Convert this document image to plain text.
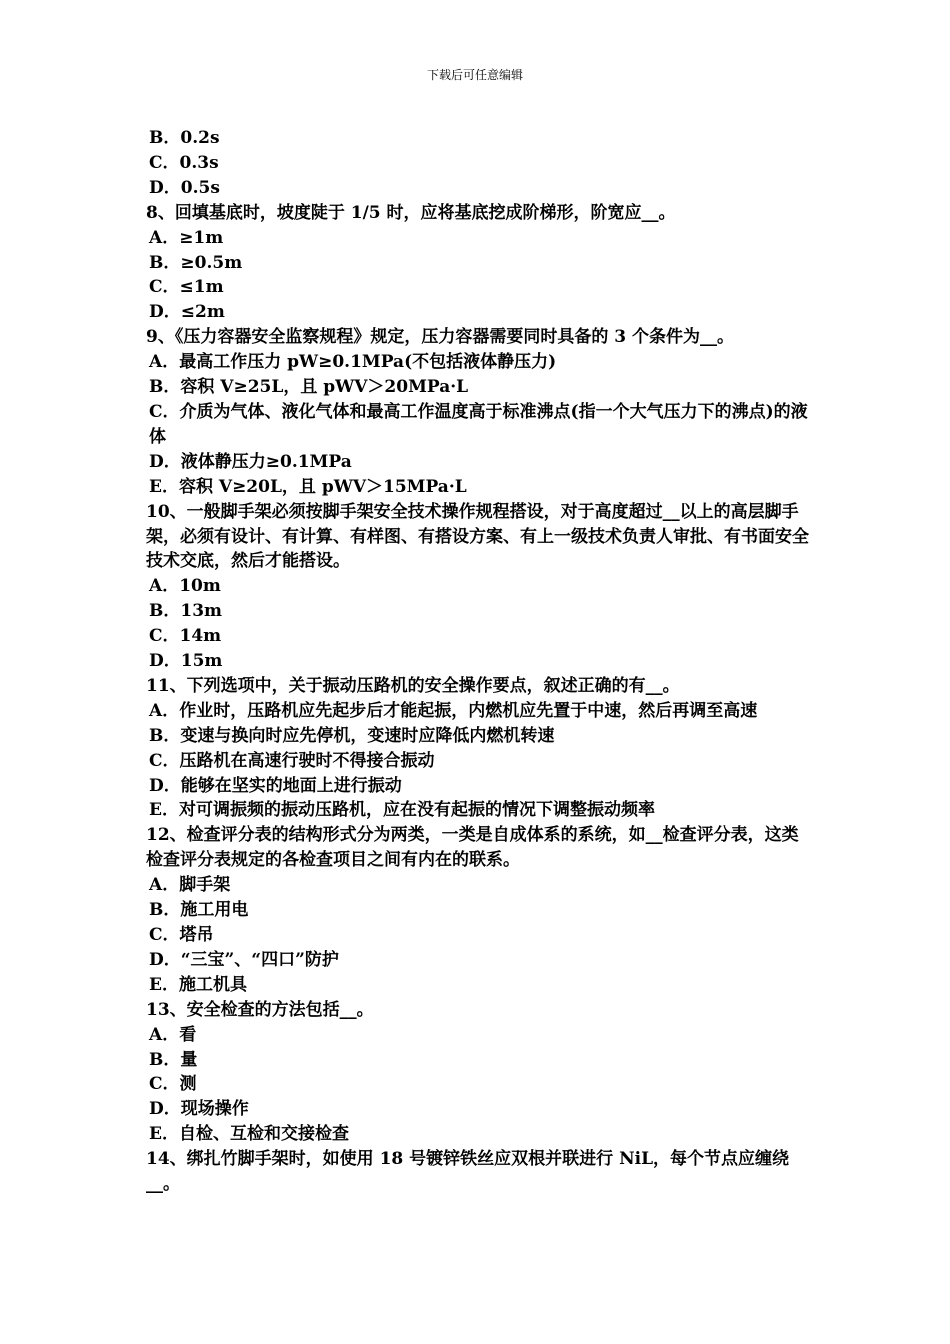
下载后可任意编辑
B．0.2s
C．0.3s
D．0.5s
8、回填基底时，坡度陡于 1/5 时，应将基底挖成阶梯形，阶宽应__。
A．≥1m
B．≥0.5m
C．≤1m
D．≤2m
9、《压力容器安全监察规程》规定，压力容器需要同时具备的 3 个条件为__。
A．最高工作压力 pW≥0.1MPa(不包括液体静压力)
B．容积 V≥25L，且 pWV＞20MPa·L
C．介质为气体、液化气体和最高工作温度高于标准沸点(指一个大气压力下的沸点)的液体
D．液体静压力≥0.1MPa
E．容积 V≥20L，且 pWV＞15MPa·L
10、一般脚手架必须按脚手架安全技术操作规程搭设，对于高度超过__以上的高层脚手架，必须有设计、有计算、有样图、有搭设方案、有上一级技术负责人审批、有书面安全技术交底，然后才能搭设。
A．10m
B．13m
C．14m
D．15m
11、下列选项中，关于振动压路机的安全操作要点，叙述正确的有__。
A．作业时，压路机应先起步后才能起振，内燃机应先置于中速，然后再调至高速
B．变速与换向时应先停机，变速时应降低内燃机转速
C．压路机在高速行驶时不得接合振动
D．能够在坚实的地面上进行振动
E．对可调振频的振动压路机，应在没有起振的情况下调整振动频率
12、检查评分表的结构形式分为两类，一类是自成体系的系统，如__检查评分表，这类检查评分表规定的各检查项目之间有内在的联系。
A．脚手架
B．施工用电
C．塔吊
D．“三宝”、“四口”防护
E．施工机具
13、安全检查的方法包括__。
A．看
B．量
C．测
D．现场操作
E．自检、互检和交接检查
14、绑扎竹脚手架时，如使用 18 号镀锌铁丝应双根并联进行 NiL，每个节点应缠绕__。
